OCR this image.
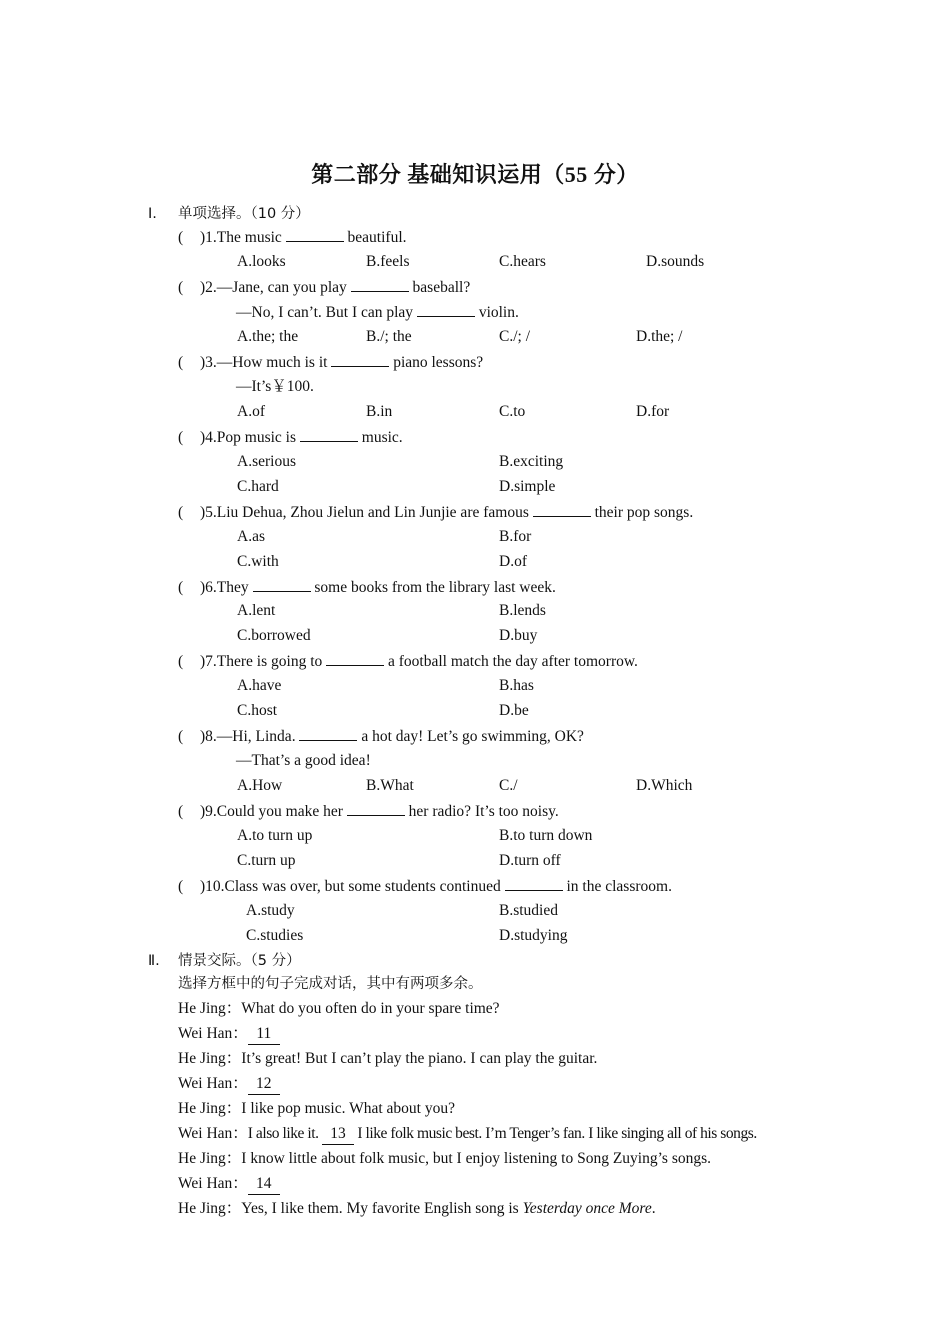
第二部分 基础知识运用（55 分）
Ⅰ. 单项选择。（10 分）
( )1.The music	beautiful.
A.looks	B.feels	C.hears	D.sounds
( )2.—Jane, can you play	baseball?
—No, I can’t. But I can play	violin.
A.the; the	B./; the	C./; /	D.the; /
( )3.—How much is it	piano lessons?
—It’s￥100.
A.of	B.in	C.to	D.for
( )4.Pop music is	music.
A.serious	B.exciting
C.hard	D.simple
( )5.Liu Dehua, Zhou Jielun and Lin Junjie are famous	their pop songs.
A.as	B.for
C.with	D.of
( )6.They	some books from the library last week.
A.lent	B.lends
C.borrowed	D.buy
( )7.There is going to	a football match the day after tomorrow.
A.have	B.has
C.host	D.be
( )8.—Hi, Linda.	a hot day! Let’s go swimming, OK?
—That’s a good idea!
A.How	B.What	C./	D.Which
( )9.Could you make her	her radio? It’s too noisy.
A.to turn up	B.to turn down
C.turn up	D.turn off
( )10.Class was over, but some students continued	in the classroom.
A.study	B.studied
C.studies	D.studying
Ⅱ. 情景交际。（5 分）
选择方框中的句子完成对话，其中有两项多余。
He Jing：What do you often do in your spare time?
Wei Han： 11
He Jing：It’s great! But I can’t play the piano. I can play the guitar.
Wei Han： 12
He Jing：I like pop music. What about you?
Wei Han：I also like it. 13 I like folk music best. I’m Tenger’s fan. I like singing all of his songs.
He Jing：I know little about folk music, but I enjoy listening to Song Zuying’s songs.
Wei Han： 14
He Jing：Yes, I like them. My favorite English song is Yesterday once More.
